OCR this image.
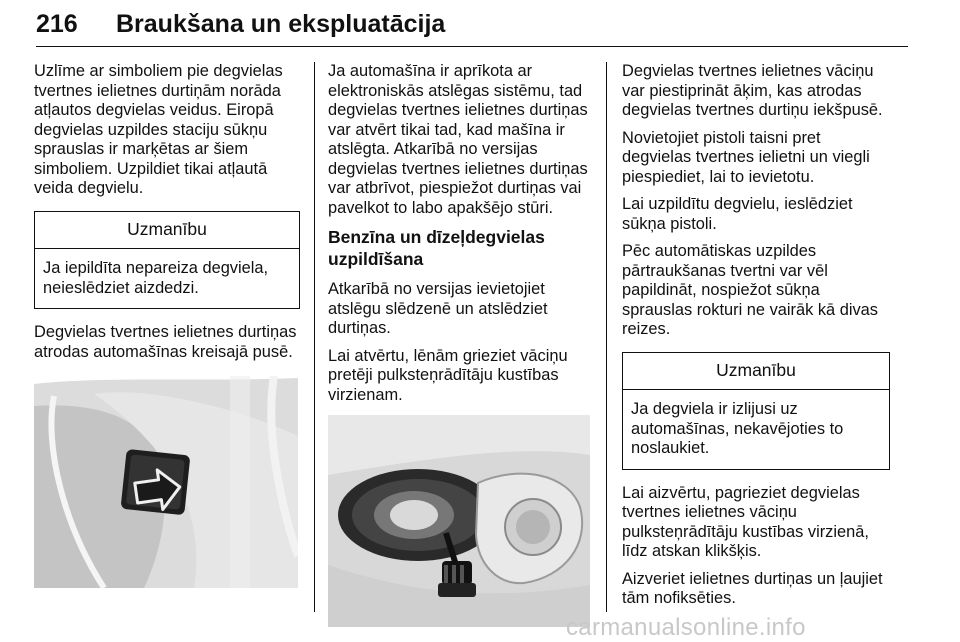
216 Braukšana un ekspluatācija

Uzlīme ar simboliem pie degvielas tvertnes ielietnes durtiņām norāda atļautos degvielas veidus. Eiropā degvielas uzpildes staciju sūkņu sprauslas ir marķētas ar šiem simboliem. Uzpildiet tikai atļautā veida degvielu.

Uzmanību
Ja iepildīta nepareiza degviela, neieslēdziet aizdedzi.

Degvielas tvertnes ielietnes durtiņas atrodas automašīnas kreisajā pusē.

Ja automašīna ir aprīkota ar elektroniskās atslēgas sistēmu, tad degvielas tvertnes ielietnes durtiņas var atvērt tikai tad, kad mašīna ir atslēgta. Atkarībā no versijas degvielas tvertnes ielietnes durtiņas var atbrīvot, piespiežot durtiņas vai pavelkot to labo apakšējo stūri.

Benzīna un dīzeļdegvielas uzpildīšana

Atkarībā no versijas ievietojiet atslēgu slēdzenē un atslēdziet durtiņas.

Lai atvērtu, lēnām grieziet vāciņu pretēji pulksteņrādītāju kustības virzienam.

Degvielas tvertnes ielietnes vāciņu var piestiprināt āķim, kas atrodas degvielas tvertnes durtiņu iekšpusē.

Novietojiet pistoli taisni pret degvielas tvertnes ielietni un viegli piespiediet, lai to ievietotu.

Lai uzpildītu degvielu, ieslēdziet sūkņa pistoli.

Pēc automātiskas uzpildes pārtraukšanas tvertni var vēl papildināt, nospiežot sūkņa sprauslas rokturi ne vairāk kā divas reizes.

Uzmanību
Ja degviela ir izlijusi uz automašīnas, nekavējoties to noslaukiet.

Lai aizvērtu, pagrieziet degvielas tvertnes ielietnes vāciņu pulksteņrādītāju kustības virzienā, līdz atskan klikšķis.

Aizveriet ielietnes durtiņas un ļaujiet tām nofiksēties.

carmanualsonline.info
